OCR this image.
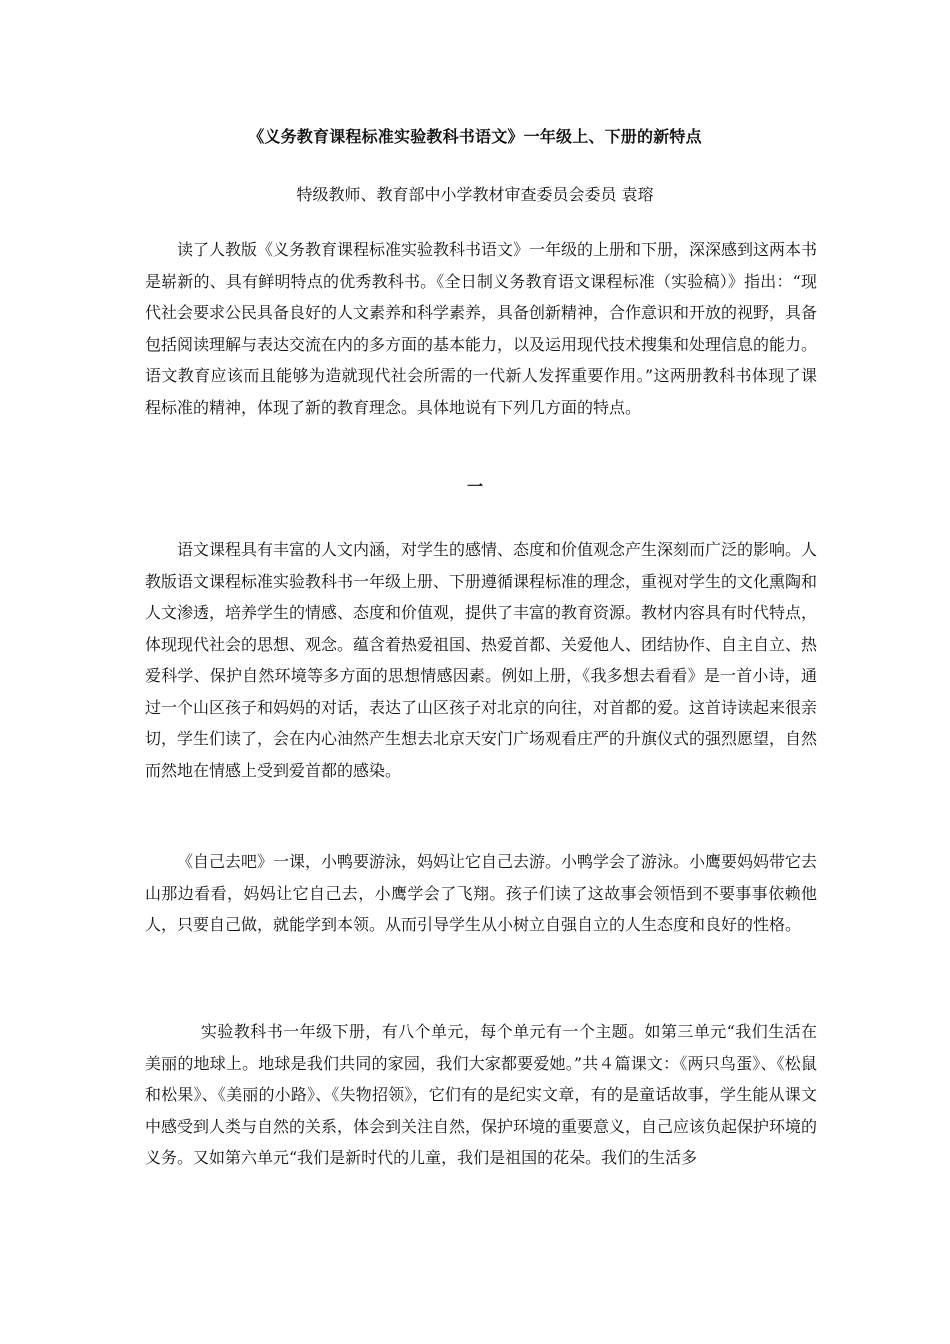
《义务教育课程标准实验教科书语文》一年级上、下册的新特点
特级教师、教育部中小学教材审查委员会委员 袁瑢

读了人教版《义务教育课程标准实验教科书语文》一年级的上册和下册，深深感到这两本书是崭新的、具有鲜明特点的优秀教科书。《全日制义务教育语文课程标准（实验稿）》指出：“现代社会要求公民具备良好的人文素养和科学素养，具备创新精神，合作意识和开放的视野，具备包括阅读理解与表达交流在内的多方面的基本能力，以及运用现代技术搜集和处理信息的能力。语文教育应该而且能够为造就现代社会所需的一代新人发挥重要作用。”这两册教科书体现了课程标准的精神，体现了新的教育理念。具体地说有下列几方面的特点。

一

语文课程具有丰富的人文内涵，对学生的感情、态度和价值观念产生深刻而广泛的影响。人教版语文课程标准实验教科书一年级上册、下册遵循课程标准的理念，重视对学生的文化熏陶和人文渗透，培养学生的情感、态度和价值观，提供了丰富的教育资源。教材内容具有时代特点，体现现代社会的思想、观念。蕴含着热爱祖国、热爱首都、关爱他人、团结协作、自主自立、热爱科学、保护自然环境等多方面的思想情感因素。例如上册，《我多想去看看》是一首小诗，通过一个山区孩子和妈妈的对话，表达了山区孩子对北京的向往，对首都的爱。这首诗读起来很亲切，学生们读了，会在内心油然产生想去北京天安门广场观看庄严的升旗仪式的强烈愿望，自然而然地在情感上受到爱首都的感染。

《自己去吧》一课，小鸭要游泳，妈妈让它自己去游。小鸭学会了游泳。小鹰要妈妈带它去山那边看看，妈妈让它自己去，小鹰学会了飞翔。孩子们读了这故事会领悟到不要事事依赖他人，只要自己做，就能学到本领。从而引导学生从小树立自强自立的人生态度和良好的性格。

实验教科书一年级下册，有八个单元，每个单元有一个主题。如第三单元“我们生活在美丽的地球上。地球是我们共同的家园，我们大家都要爱她。”共４篇课文：《两只鸟蛋》、《松鼠和松果》、《美丽的小路》、《失物招领》，它们有的是纪实文章，有的是童话故事，学生能从课文中感受到人类与自然的关系，体会到关注自然，保护环境的重要意义，自己应该负起保护环境的义务。又如第六单元“我们是新时代的儿童，我们是祖国的花朵。我们的生活多
